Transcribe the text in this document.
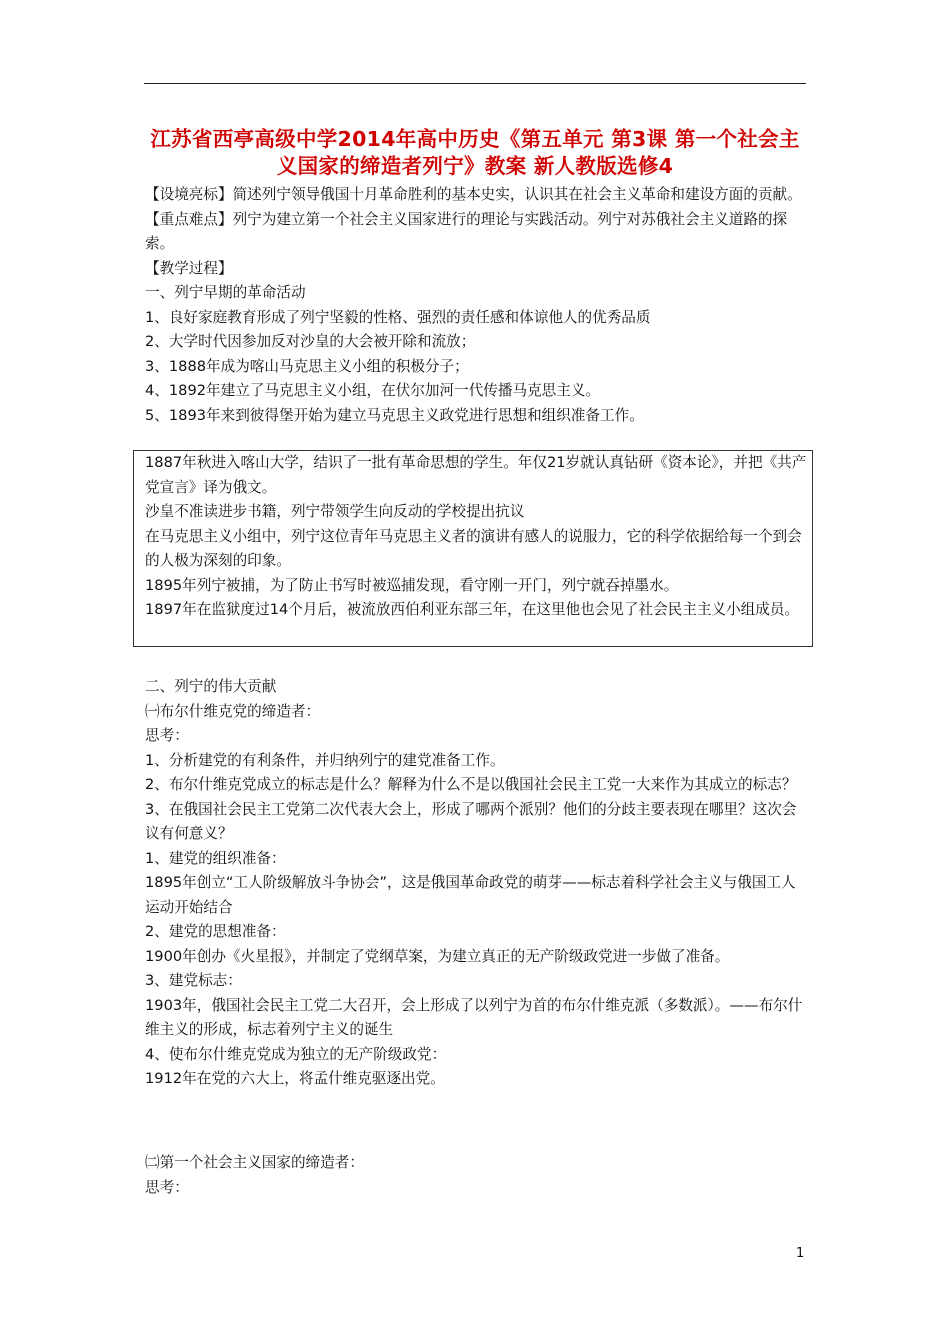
江苏省西亭高级中学2014年高中历史《第五单元 第3课 第一个社会主义国家的缔造者列宁》教案 新人教版选修4

【设境亮标】简述列宁领导俄国十月革命胜利的基本史实，认识其在社会主义革命和建设方面的贡献。

【重点难点】列宁为建立第一个社会主义国家进行的理论与实践活动。列宁对苏俄社会主义道路的探索。

【教学过程】

一、列宁早期的革命活动

1、良好家庭教育形成了列宁坚毅的性格、强烈的责任感和体谅他人的优秀品质

2、大学时代因参加反对沙皇的大会被开除和流放；

3、1888年成为喀山马克思主义小组的积极分子；

4、1892年建立了马克思主义小组，在伏尔加河一代传播马克思主义。

5、1893年来到彼得堡开始为建立马克思主义政党进行思想和组织准备工作。

1887年秋进入喀山大学，结识了一批有革命思想的学生。年仅21岁就认真钻研《资本论》，并把《共产党宣言》译为俄文。

沙皇不准读进步书籍，列宁带领学生向反动的学校提出抗议

在马克思主义小组中，列宁这位青年马克思主义者的演讲有感人的说服力，它的科学依据给每一个到会的人极为深刻的印象。

1895年列宁被捕，为了防止书写时被巡捕发现，看守刚一开门，列宁就吞掉墨水。

1897年在监狱度过14个月后，被流放西伯利亚东部三年，在这里他也会见了社会民主主义小组成员。

二、列宁的伟大贡献

㈠布尔什维克党的缔造者：

思考：

1、分析建党的有利条件，并归纳列宁的建党准备工作。

2、布尔什维克党成立的标志是什么？解释为什么不是以俄国社会民主工党一大来作为其成立的标志？

3、在俄国社会民主工党第二次代表大会上，形成了哪两个派别？他们的分歧主要表现在哪里？这次会议有何意义？

1、建党的组织准备：

1895年创立“工人阶级解放斗争协会”，这是俄国革命政党的萌芽——标志着科学社会主义与俄国工人运动开始结合

2、建党的思想准备：

1900年创办《火星报》，并制定了党纲草案，为建立真正的无产阶级政党进一步做了准备。

3、建党标志：

1903年，俄国社会民主工党二大召开，会上形成了以列宁为首的布尔什维克派（多数派）。——布尔什维主义的形成，标志着列宁主义的诞生

4、使布尔什维克党成为独立的无产阶级政党：

1912年在党的六大上，将孟什维克驱逐出党。

㈡第一个社会主义国家的缔造者：

思考：

1
